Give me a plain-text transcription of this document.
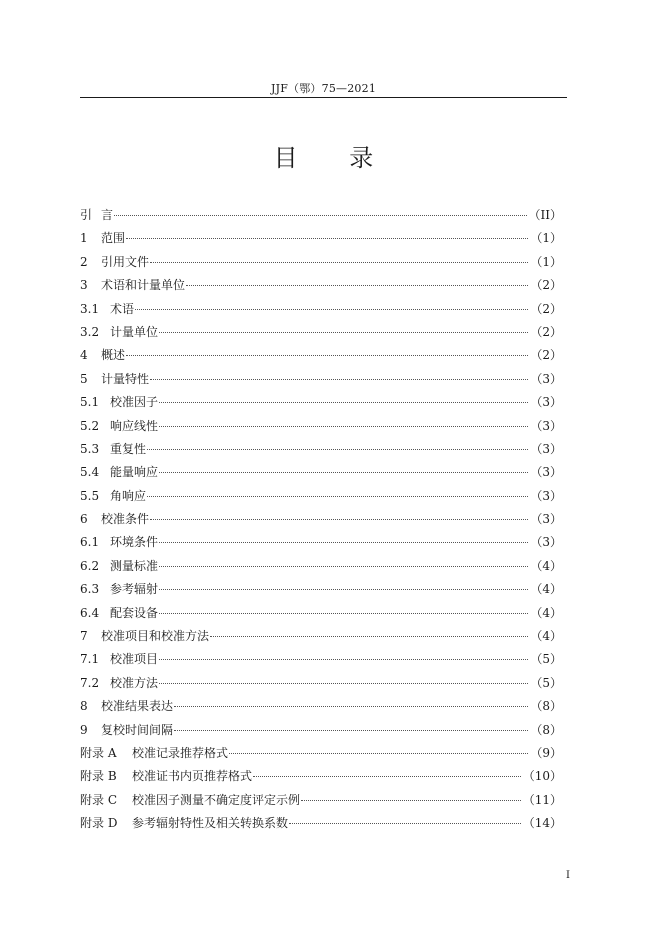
JJF（鄂）75—2021
目 录
引 言	（II）
1	范围	（1）
2	引用文件	（1）
3	术语和计量单位	（2）
3.1 术语	（2）
3.2 计量单位	（2）
4	概述	（2）
5	计量特性	（3）
5.1 校准因子	（3）
5.2 响应线性	（3）
5.3 重复性	（3）
5.4 能量响应	（3）
5.5 角响应	（3）
6	校准条件	（3）
6.1 环境条件	（3）
6.2 测量标准	（4）
6.3 参考辐射	（4）
6.4 配套设备	（4）
7	校准项目和校准方法	（4）
7.1 校准项目	（5）
7.2 校准方法	（5）
8	校准结果表达	（8）
9	复校时间间隔	（8）
附录 A	校准记录推荐格式	（9）
附录 B	校准证书内页推荐格式	（10）
附录 C	校准因子测量不确定度评定示例	（11）
附录 D	参考辐射特性及相关转换系数	（14）
I
